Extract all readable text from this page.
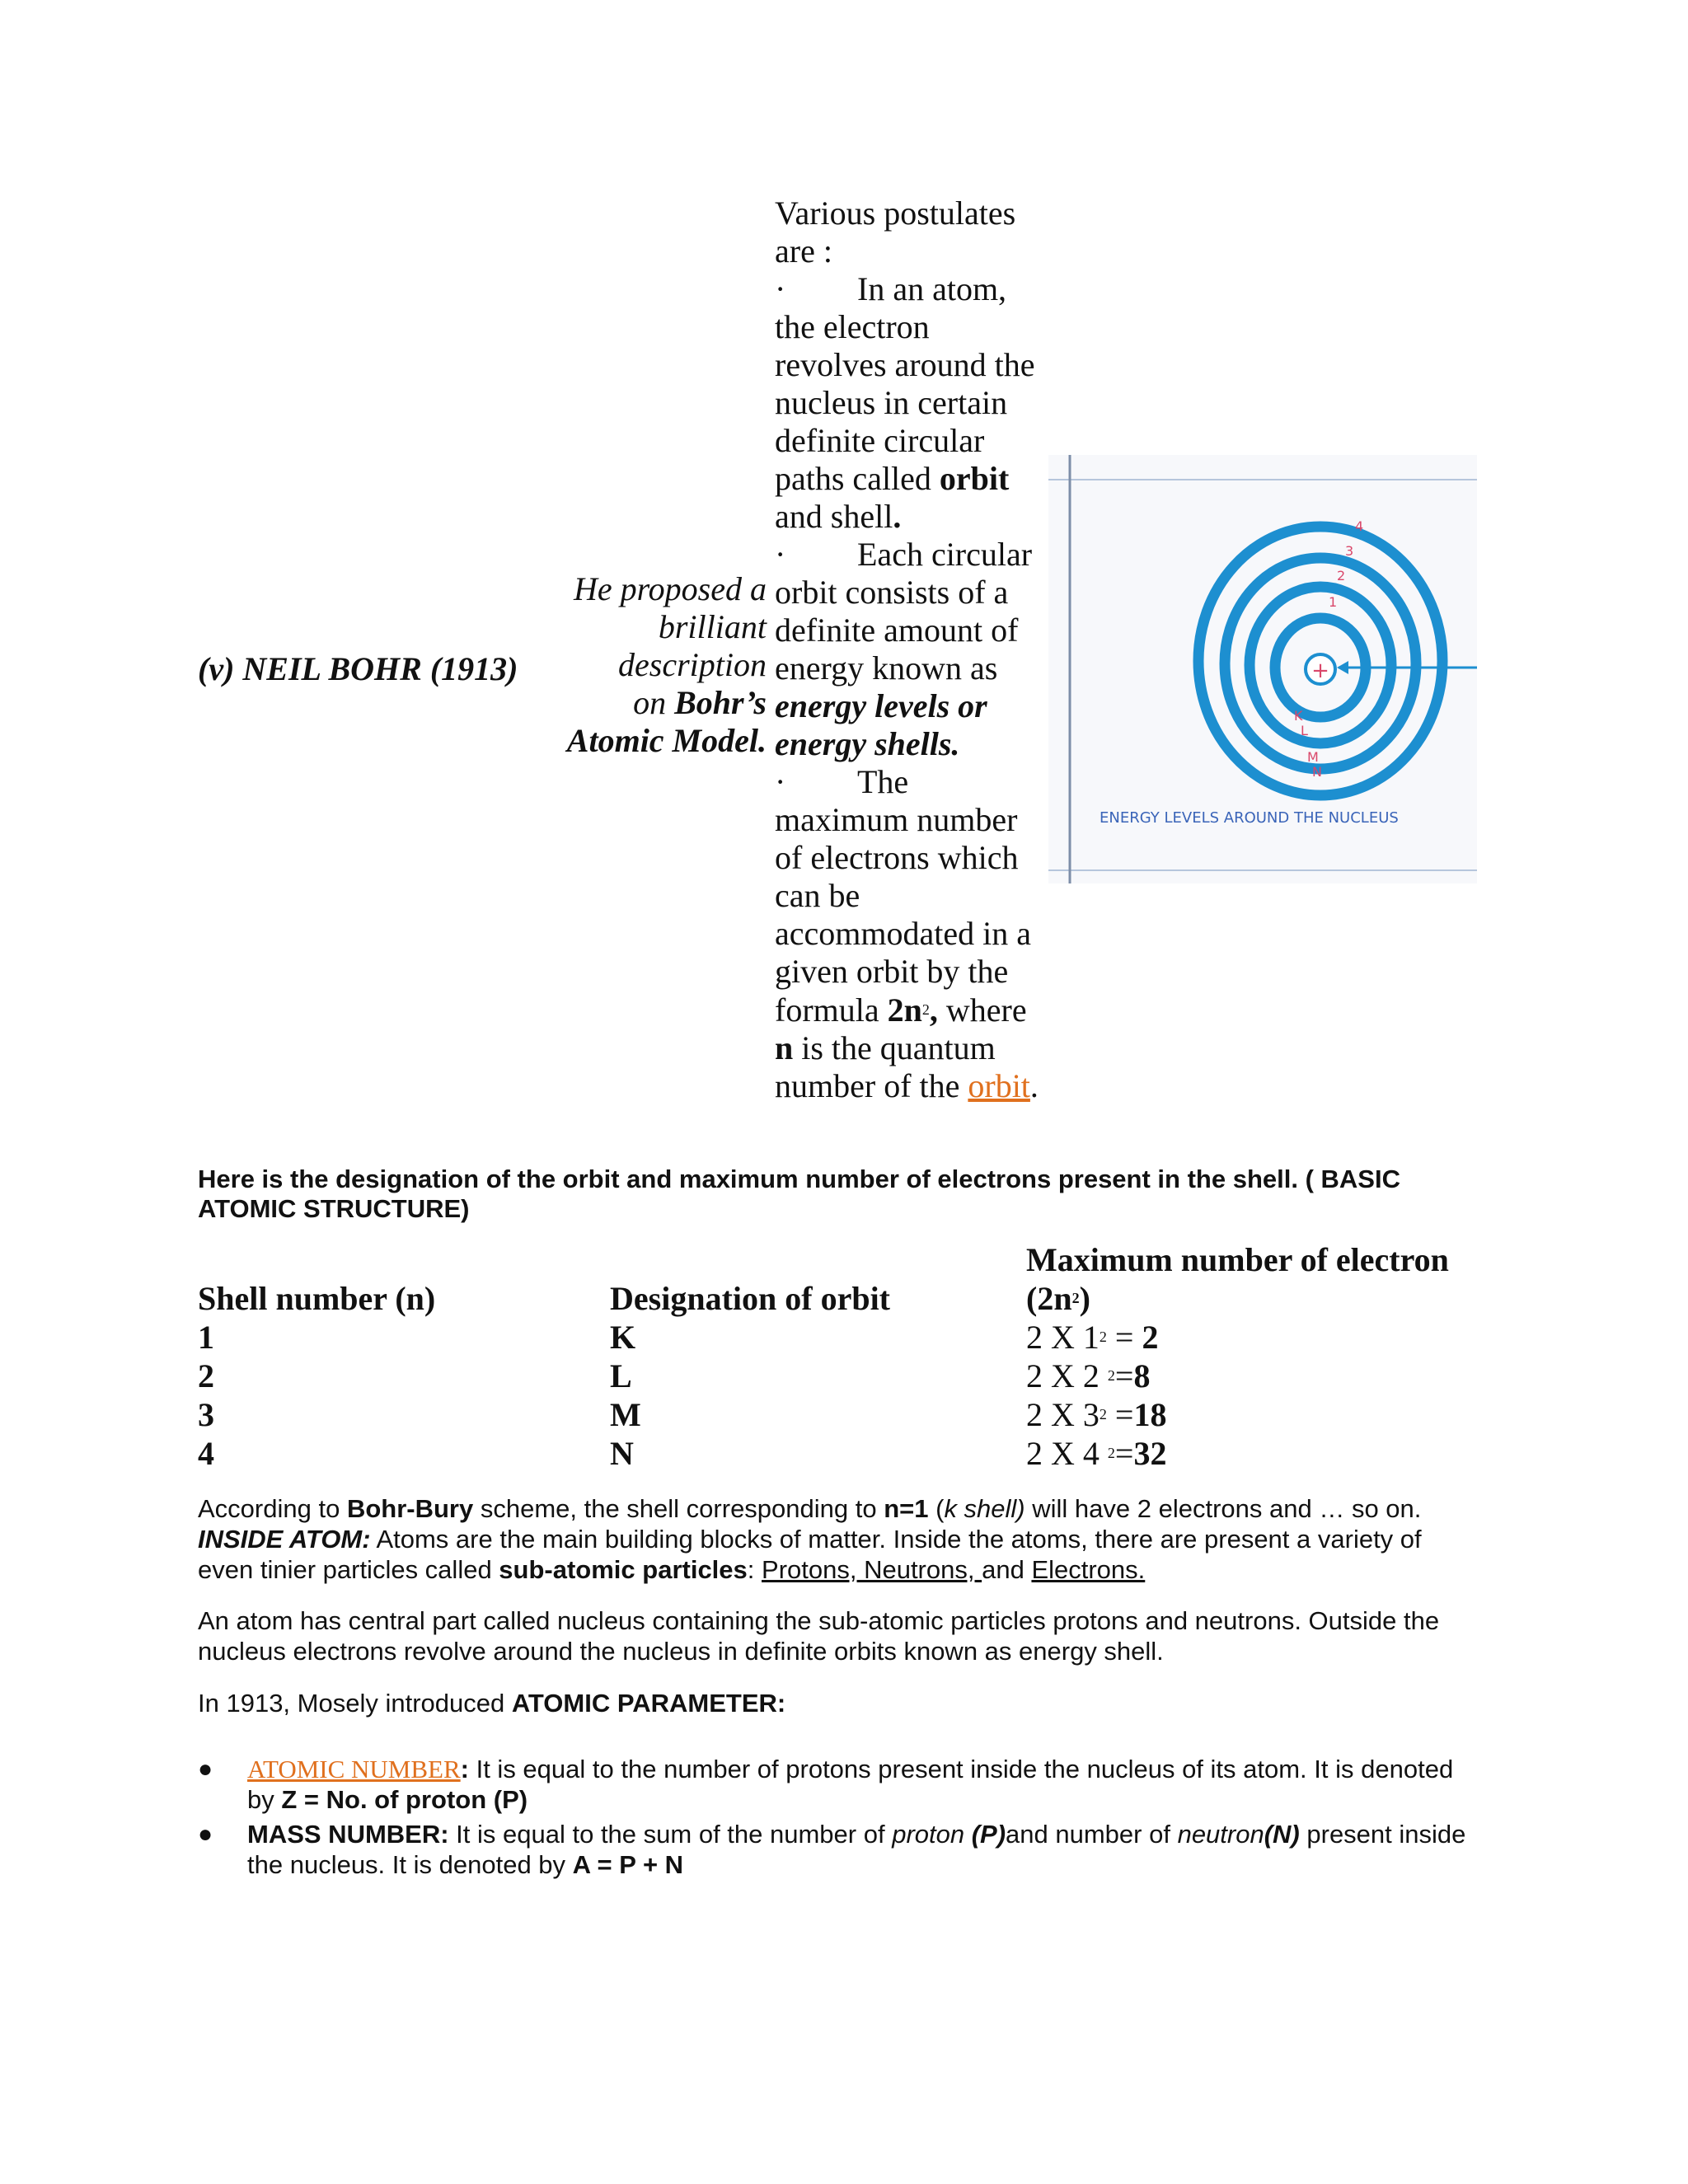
(v) NEIL BOHR (1913)
He proposed a
brilliant
description
on Bohr’s
Atomic Model.

Various postulates are :

· In an atom, the electron revolves around the nucleus in certain definite circular paths called orbit and shell.

· Each circular orbit consists of a definite amount of energy known as energy levels or energy shells.

· The maximum number of electrons which can be accommodated in a given orbit by the formula $2n^2$, where n is the quantum number of the orbit.

+
4
3
2
1
K
L
M
N
ENERGY LEVELS AROUND THE NUCLEUS
Here is the designation of the orbit and maximum number of electrons present in the shell. ( BASIC ATOMIC STRUCTURE)
Shell number (n)	Designation of orbit	Maximum number of electron $(2n^2)$
1	K	2 X $1^2 = 2$
2	L	2 X 2 $^2$=8
3	M	2 X $3^2 =18$
4	N	2 X 4 $^2$=32

According to Bohr-Bury scheme, the shell corresponding to n=1 (k shell) will have 2 electrons and … so on.

INSIDE ATOM: Atoms are the main building blocks of matter. Inside the atoms, there are present a variety of even tinier particles called sub-atomic particles: Protons, Neutrons, and Electrons.

An atom has central part called nucleus containing the sub-atomic particles protons and neutrons. Outside the nucleus electrons revolve around the nucleus in definite orbits known as energy shell.

In 1913, Mosely introduced ATOMIC PARAMETER:

● ATOMIC NUMBER: It is equal to the number of protons present inside the nucleus of its atom. It is denoted by Z = No. of proton (P)
● MASS NUMBER: It is equal to the sum of the number of proton (P)and number of neutron(N) present inside the nucleus. It is denoted by A = P + N
